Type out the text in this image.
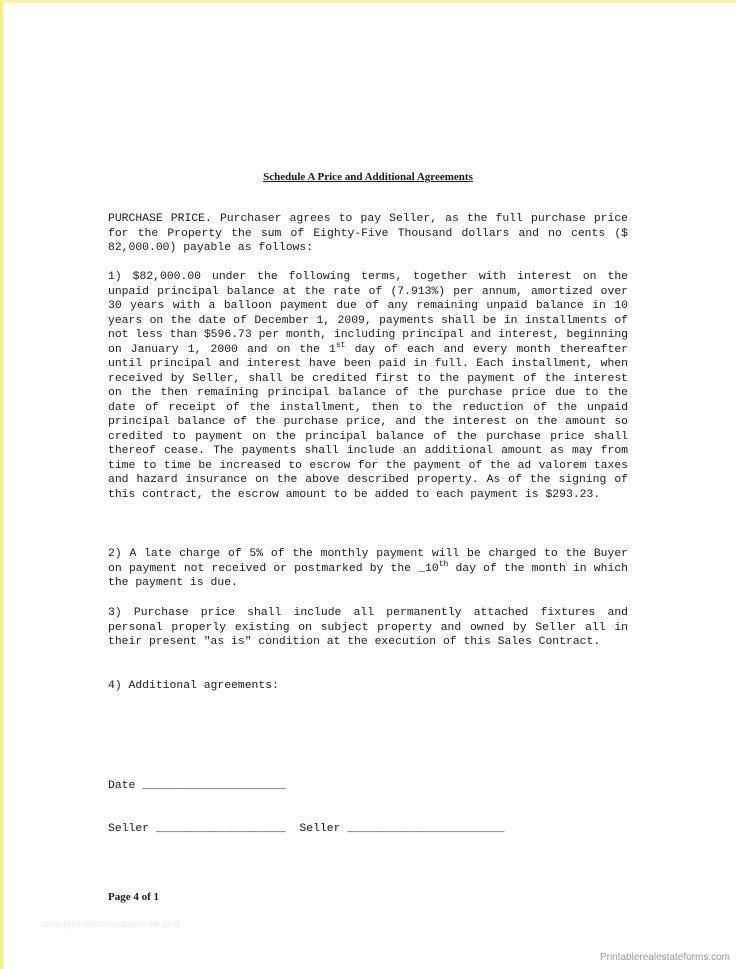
Schedule A Price and Additional Agreements

PURCHASE PRICE. Purchaser agrees to pay Seller, as the full purchase price for the Property the sum of Eighty-Five Thousand dollars and no cents ($ 82,000.00) payable as follows:

1) $82,000.00 under the following terms, together with interest on the unpaid principal balance at the rate of (7.913%) per annum, amortized over 30 years with a balloon payment due of any remaining unpaid balance in 10 years on the date of December 1, 2009, payments shall be in installments of not less than $596.73 per month, including principal and interest, beginning on January 1, 2000 and on the 1st day of each and every month thereafter until principal and interest have been paid in full. Each installment, when received by Seller, shall be credited first to the payment of the interest on the then remaining principal balance of the purchase price due to the date of receipt of the installment, then to the reduction of the unpaid principal balance of the purchase price, and the interest on the amount so credited to payment on the principal balance of the purchase price shall thereof cease. The payments shall include an additional amount as may from time to time be increased to escrow for the payment of the ad valorem taxes and hazard insurance on the above described property. As of the signing of this contract, the escrow amount to be added to each payment is $293.23.

2) A late charge of 5% of the monthly payment will be charged to the Buyer on payment not received or postmarked by the _10th day of the month in which the payment is due.

3) Purchase price shall include all permanently attached fixtures and personal properly existing on subject property and owned by Seller all in their present "as is" condition at the execution of this Sales Contract.

4) Additional agreements:

Date _____________________
Seller ___________________  Seller _______________________
Page 4 of 1
www.printablerealestateforms.com
Printablerealestateforms.com
